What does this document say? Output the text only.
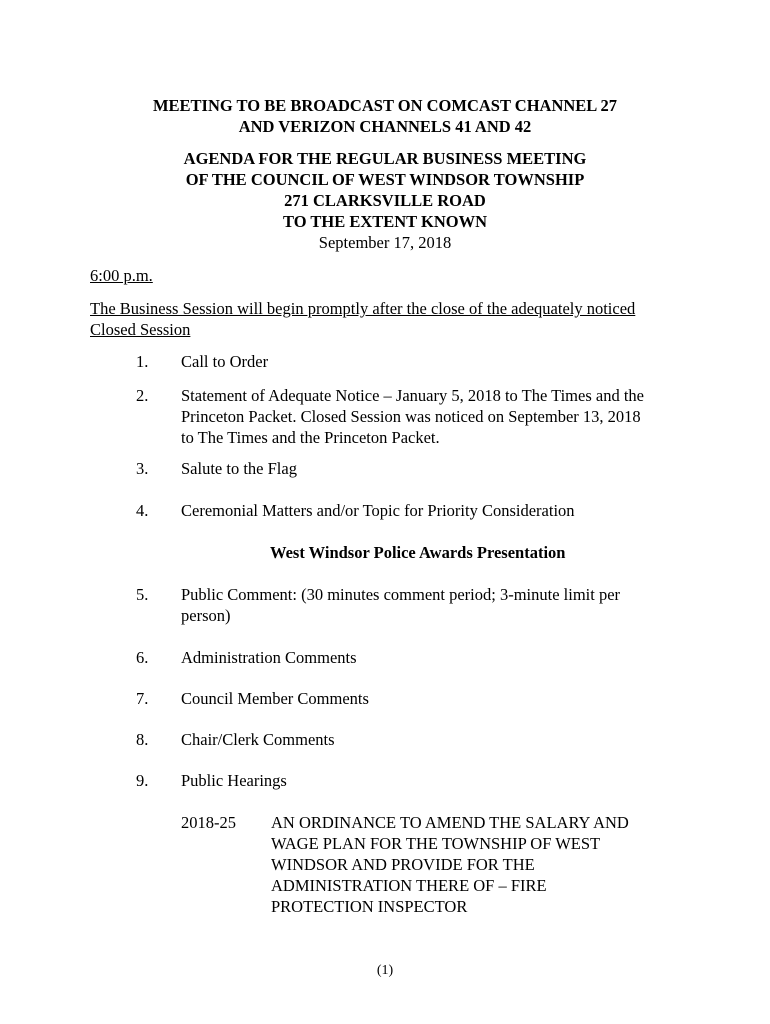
MEETING TO BE BROADCAST ON COMCAST CHANNEL 27
AND VERIZON CHANNELS 41 AND 42
AGENDA FOR THE REGULAR BUSINESS MEETING
OF THE COUNCIL OF WEST WINDSOR TOWNSHIP
271 CLARKSVILLE ROAD
TO THE EXTENT KNOWN
September 17, 2018
6:00 p.m.
The Business Session will begin promptly after the close of the adequately noticed
Closed Session
1. Call to Order
2. Statement of Adequate Notice – January 5, 2018 to The Times and the
Princeton Packet. Closed Session was noticed on September 13, 2018
to The Times and the Princeton Packet.
3. Salute to the Flag
4. Ceremonial Matters and/or Topic for Priority Consideration
West Windsor Police Awards Presentation
5. Public Comment: (30 minutes comment period; 3-minute limit per
person)
6. Administration Comments
7. Council Member Comments
8. Chair/Clerk Comments
9. Public Hearings
2018-25 AN ORDINANCE TO AMEND THE SALARY AND
WAGE PLAN FOR THE TOWNSHIP OF WEST
WINDSOR AND PROVIDE FOR THE
ADMINISTRATION THERE OF – FIRE
PROTECTION INSPECTOR
(1)
